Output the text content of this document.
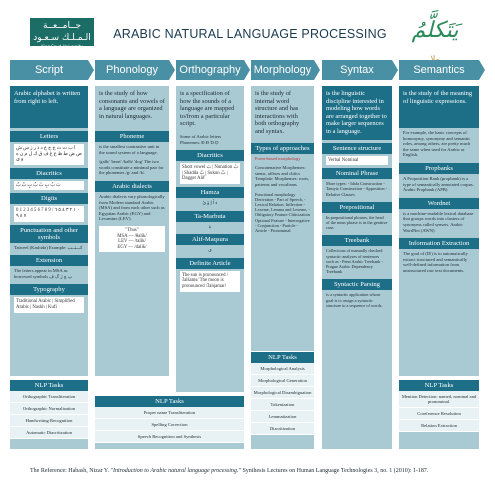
جــامــعــة الـمـلـك سـعـود
King Saud University
ARABIC NATURAL LANGUAGE PROCESSING	يَتَكلَّمُ
Script	Phonology	Orthography	Morphology	Syntax	Semantics
Arabic alphabet is written from right to left.
Letters
ا ب ت ث ج ح خ د ذ ر ز س ش ص ض ط ظ ع غ ف ق ك ل م ن ه و ي
Diacritics
بَ بُ بِ بً بٌ بٍ بْ بّ
Digits
0 1 2 3 4 5 6 7 8 9 / ٠ ١ ٢ ٣ ٤ ٥ ٦ ٧ ٨ ٩
Punctuation and other symbols
Tatweel (Kashida) Example: كـــتــب
Extension
The letters appear in MSA as borrowed symbols پ چ ژ گ ڤ
Typography
Traditional Arabic | Simplified Arabic | Naskh | Kufi
is the study of how consonants and vowels of a language are organized in natural languages.
Phoneme
is the smallest contrastive unit in the sound system of a language.
/galb/ 'heart' /kalb/ 'dog' The two words constitute a minimal pair for the phonemes /g/ and /k/.
Arabic dialects
Arabic dialects vary phonologically from Modern standard Arabic (MSA) and from each other such as Egyptian Arabic (EGY) and Levantine (LEV).
"Thus"
MSA — /θalik/
LEV — /talik/
EGY — /dalik/
is a specification of how the sounds of a language are mapped to/from a particular script.
Some of Arabic letters Phonemes: Ð Ɖ Ɗ Ḍ
Diacritics
Short vowel بَ | Nunation بً | Shadda بّ | Sukun بْ | Dagger Alif ٰ
Hamza
ء أ إ ؤ ئ
Ta-Marbuta
ة
Alif-Maqsura
ى
Definite Article
The sun is pronounced /ʔalšams/ The moon is pronounced /ʔalqamar/
is the study of internal word structure and has interactions with both orthography and syntax.
Types of approaches
Form-based morphology
Concatenative Morphemes: stems, affixes and clitics Templatic Morphemes: roots, patterns and vocalisms
Functional morphology Derivation - Part of Speech, - Lexical Relation. Inflection - Lexeme, Lemma and Lexeme, - Obligatory Feature Cliticization Optional Feature - Interrogative - Conjunction - Particle - Article - Pronominal
is the linguistic discipline interested in modeling how words are arranged together to make larger sequences in a language.
Sentence structure
Verbal Nominal
Nominal Phrase
More types: - Idafa Construction - Tamyiz Construction - Apposition - Relative Clauses
Prepositional
In prepositional phrases, the head of the noun phrase is in the genitive case.
Treebank
Collections of manually checked syntactic analyses of sentences such as - Penn Arabic Treebank - Prague Arabic Dependency Treebank
Syntactic Parsing
is a syntactic application whose goal is to assign a syntactic structure to a sequence of words.
is the study of the meaning of linguistic expressions.
For example, the basic concepts of homonymy, synonymy and semantic roles, among others, are pretty much the same when used for Arabic or English.
Propbanks
A Proposition Bank (propbank) is a type of semantically annotated corpus. Arabic Propbank (APB)
Wordnet
is a machine-readable lexical database that groups words into clusters of synonyms called synsets. Arabic WordNet (AWN)
Information Extraction
The goal of (IE) is to automatically extract structured and semantically well-defined information from unstructured raw text documents.
NLP Tasks
Orthographic Transliteration
Orthographic Normalization
Handwriting Recognition
Automatic Diacritization
NLP Tasks
Proper name Transliteration
Spelling Correction
Speech Recognition and Synthesis
NLP Tasks
Morphological Analysis
Morphological Generation
Morphological Disambiguation
Tokenization
Lemmatization
Diacritization
NLP Tasks
Mention Detection: named, nominal and pronominal.
Coreference Resolution
Relation Extraction
The Reference: Habash, Nizar Y. "Introduction to Arabic natural language processing." Synthesis Lectures on Human Language Technologies 3, no. 1 (2010): 1-187.
